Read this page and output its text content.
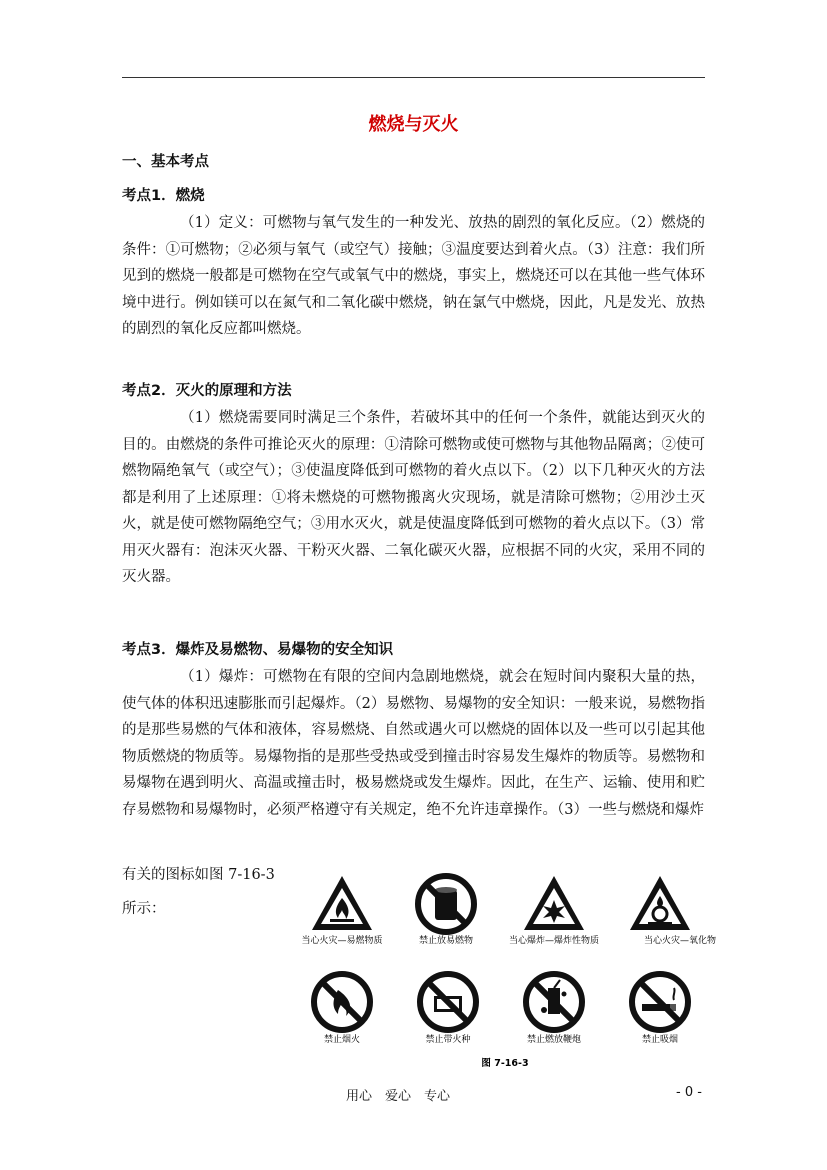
燃烧与灭火
一、基本考点
考点1．燃烧

（1）定义：可燃物与氧气发生的一种发光、放热的剧烈的氧化反应。（2）燃烧的条件：①可燃物；②必须与氧气（或空气）接触；③温度要达到着火点。（3）注意：我们所见到的燃烧一般都是可燃物在空气或氧气中的燃烧，事实上，燃烧还可以在其他一些气体环境中进行。例如镁可以在氮气和二氧化碳中燃烧，钠在氯气中燃烧，因此，凡是发光、放热的剧烈的氧化反应都叫燃烧。

考点2．灭火的原理和方法

（1）燃烧需要同时满足三个条件，若破坏其中的任何一个条件，就能达到灭火的目的。由燃烧的条件可推论灭火的原理：①清除可燃物或使可燃物与其他物品隔离；②使可燃物隔绝氧气（或空气）；③使温度降低到可燃物的着火点以下。（2）以下几种灭火的方法都是利用了上述原理：①将未燃烧的可燃物搬离火灾现场，就是清除可燃物；②用沙土灭火，就是使可燃物隔绝空气；③用水灭火，就是使温度降低到可燃物的着火点以下。（3）常用灭火器有：泡沫灭火器、干粉灭火器、二氧化碳灭火器，应根据不同的火灾，采用不同的灭火器。

考点3．爆炸及易燃物、易爆物的安全知识

（1）爆炸：可燃物在有限的空间内急剧地燃烧，就会在短时间内聚积大量的热，使气体的体积迅速膨胀而引起爆炸。（2）易燃物、易爆物的安全知识：一般来说，易燃物指的是那些易燃的气体和液体，容易燃烧、自然或遇火可以燃烧的固体以及一些可以引起其他物质燃烧的物质等。易爆物指的是那些受热或受到撞击时容易发生爆炸的物质等。易燃物和易爆物在遇到明火、高温或撞击时，极易燃烧或发生爆炸。因此，在生产、运输、使用和贮存易燃物和易爆物时，必须严格遵守有关规定，绝不允许违章操作。（3）一些与燃烧和爆炸

有关的图标如图 7-16-3
所示：
当心火灾—易燃物质	禁止放易燃物	当心爆炸—爆炸性物质	当心火灾—氧化物
禁止烟火	禁止带火种	禁止燃放鞭炮	禁止吸烟
图 7-16-3
用心　爱心　专心	- 0 -
